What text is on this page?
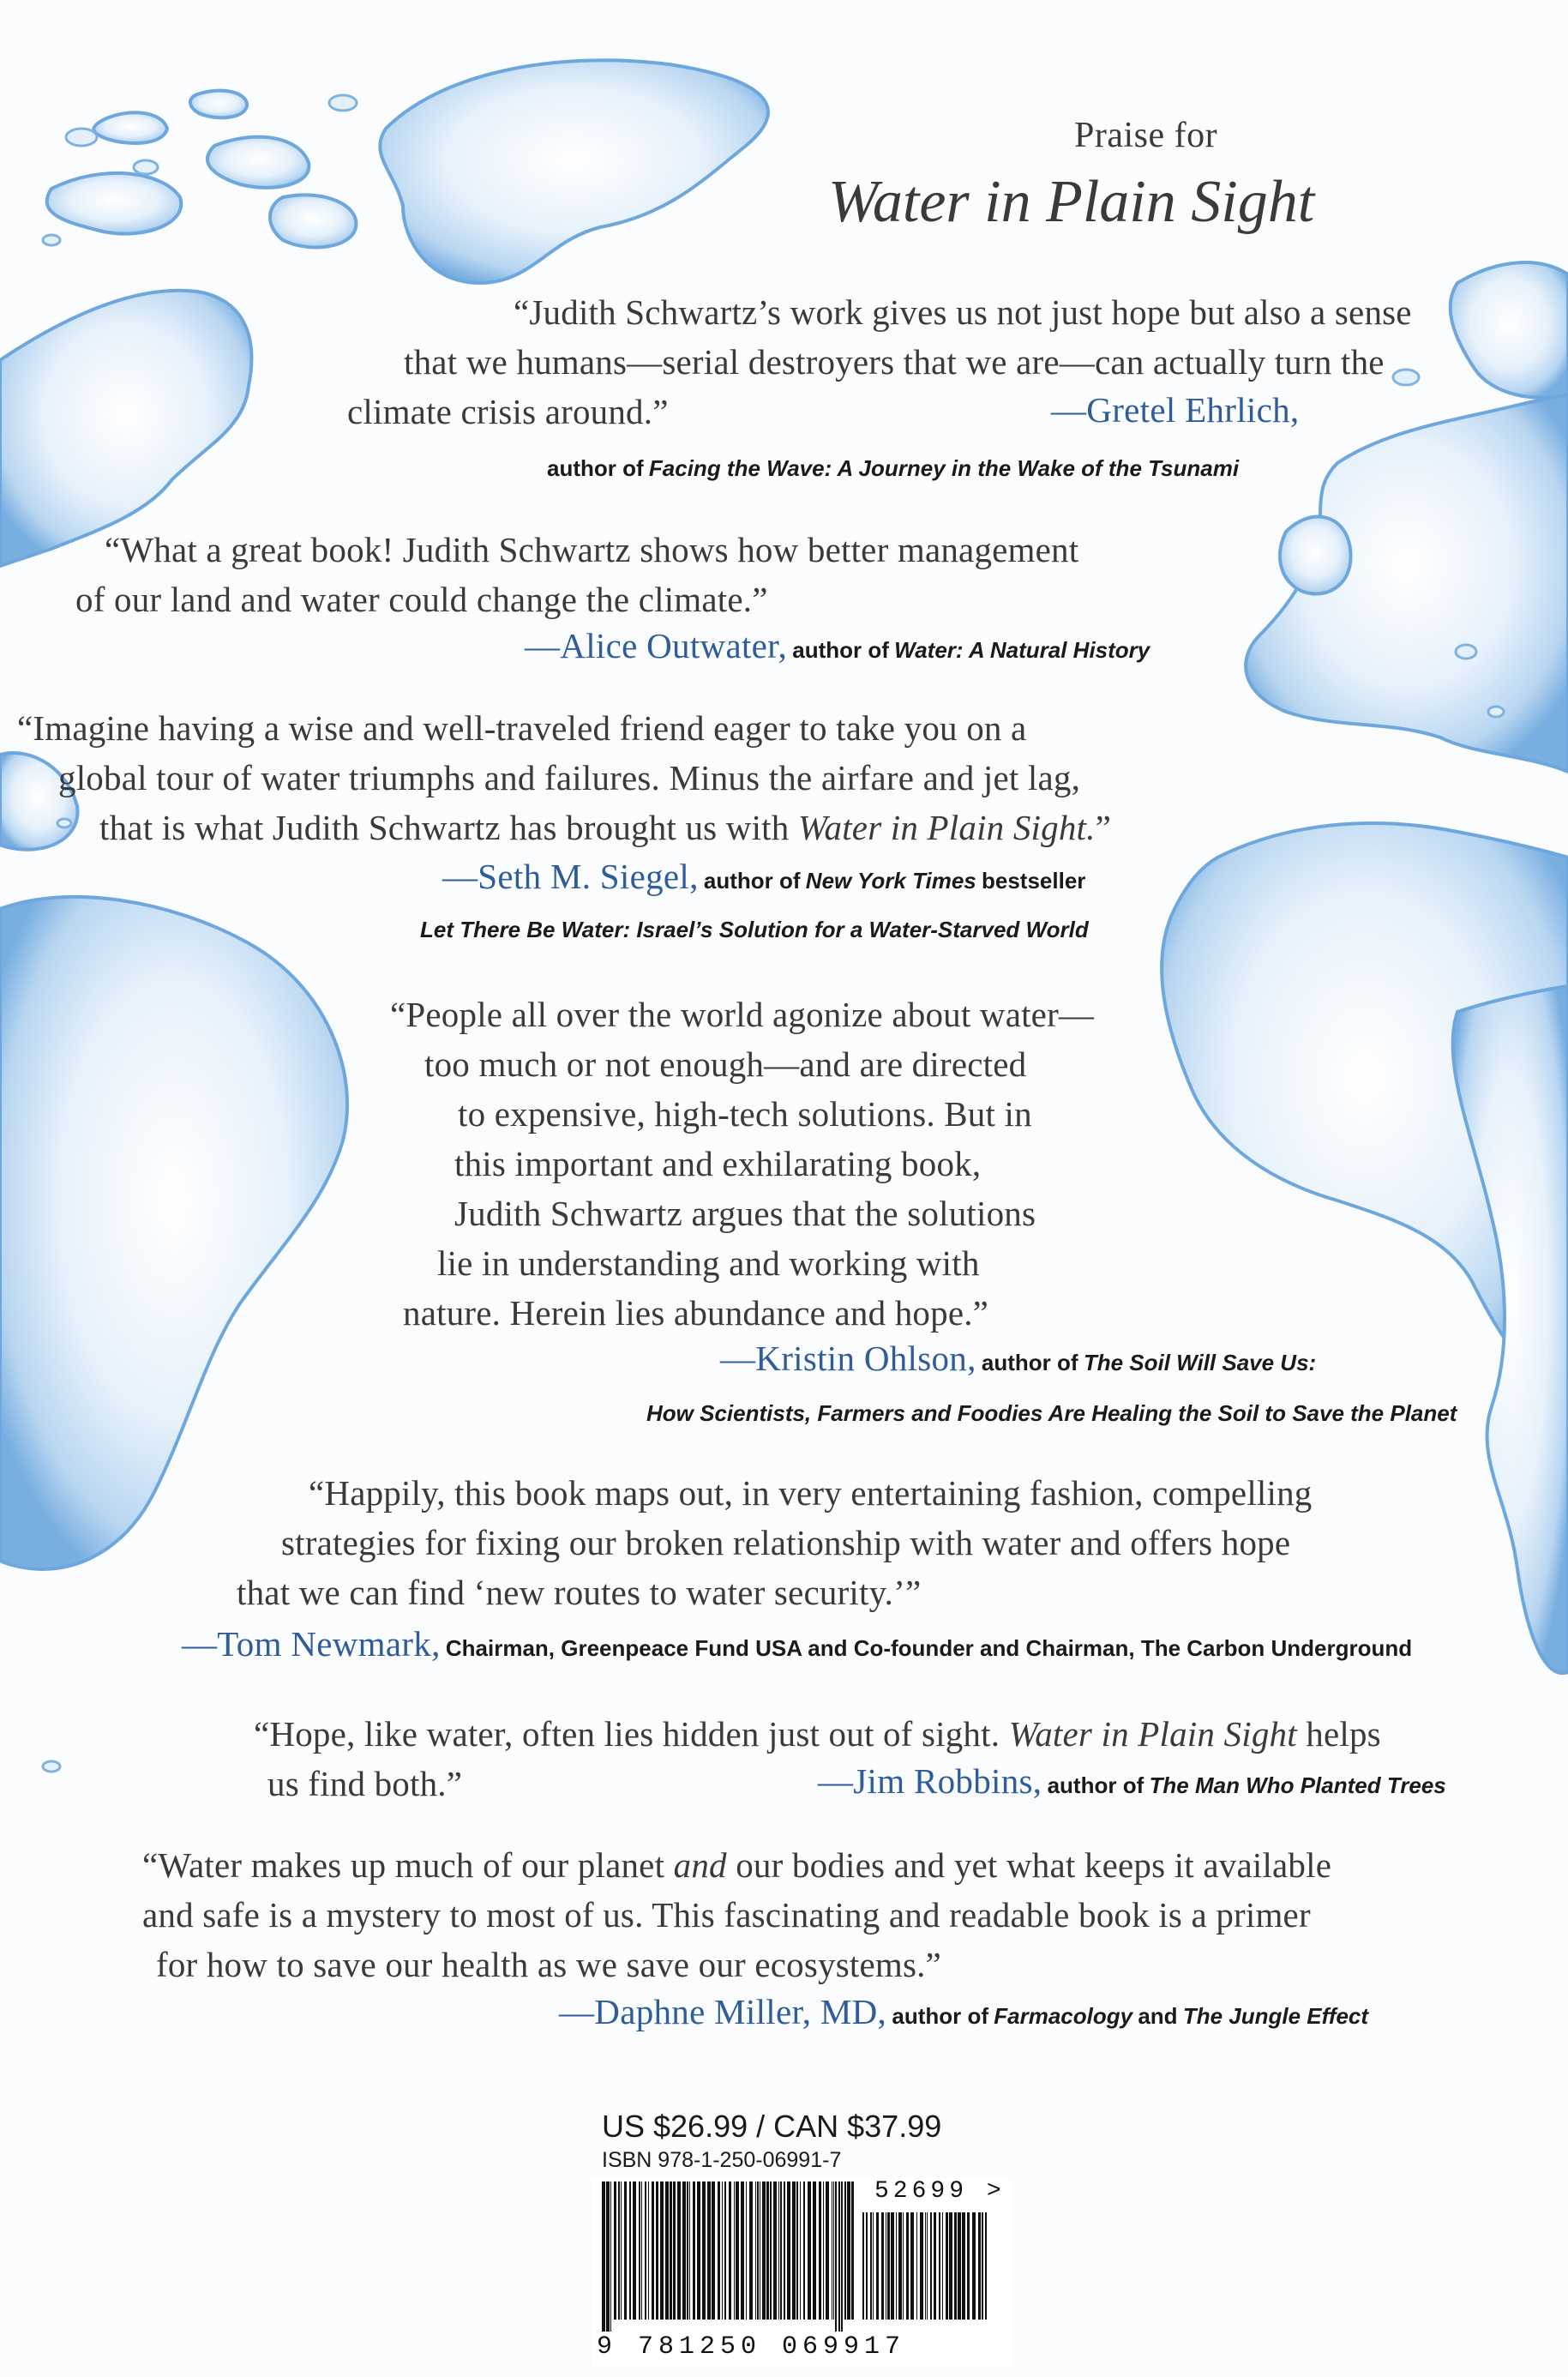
Praise for
Water in Plain Sight
“Judith Schwartz’s work gives us not just hope but also a sense
that we humans—serial destroyers that we are—can actually turn the
climate crisis around.”	—Gretel Ehrlich,
author of Facing the Wave: A Journey in the Wake of the Tsunami
“What a great book! Judith Schwartz shows how better management
of our land and water could change the climate.”
—Alice Outwater, author of Water: A Natural History
“Imagine having a wise and well-traveled friend eager to take you on a
global tour of water triumphs and failures. Minus the airfare and jet lag,
that is what Judith Schwartz has brought us with Water in Plain Sight.”
—Seth M. Siegel, author of New York Times bestseller
Let There Be Water: Israel’s Solution for a Water-Starved World
“People all over the world agonize about water—
too much or not enough—and are directed
to expensive, high-tech solutions. But in
this important and exhilarating book,
Judith Schwartz argues that the solutions
lie in understanding and working with
nature. Herein lies abundance and hope.”
—Kristin Ohlson, author of The Soil Will Save Us:
How Scientists, Farmers and Foodies Are Healing the Soil to Save the Planet
“Happily, this book maps out, in very entertaining fashion, compelling
strategies for fixing our broken relationship with water and offers hope
that we can find ‘new routes to water security.’”
—Tom Newmark, Chairman, Greenpeace Fund USA and Co-founder and Chairman, The Carbon Underground
“Hope, like water, often lies hidden just out of sight. Water in Plain Sight helps
us find both.”	—Jim Robbins, author of The Man Who Planted Trees
“Water makes up much of our planet and our bodies and yet what keeps it available
and safe is a mystery to most of us. This fascinating and readable book is a primer
for how to save our health as we save our ecosystems.”
—Daphne Miller, MD, author of Farmacology and The Jungle Effect
US $26.99 / CAN $37.99
ISBN 978-1-250-06991-7
52699 >
9 781250 069917
